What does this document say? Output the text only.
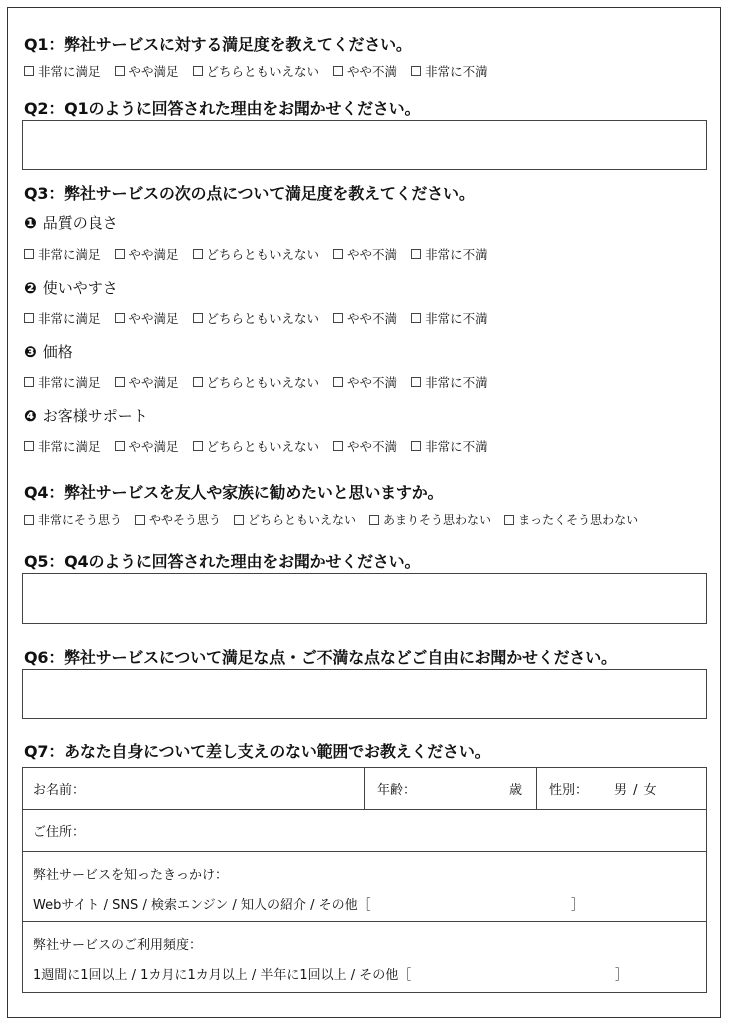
Q1：弊社サービスに対する満足度を教えてください。
非常に満足 やや満足 どちらともいえない やや不満 非常に不満
Q2：Q1のように回答された理由をお聞かせください。
Q3：弊社サービスの次の点について満足度を教えてください。
❶ 品質の良さ
非常に満足 やや満足 どちらともいえない やや不満 非常に不満
❷ 使いやすさ
非常に満足 やや満足 どちらともいえない やや不満 非常に不満
❸ 価格
非常に満足 やや満足 どちらともいえない やや不満 非常に不満
❹ お客様サポート
非常に満足 やや満足 どちらともいえない やや不満 非常に不満
Q4：弊社サービスを友人や家族に勧めたいと思いますか。
非常にそう思う ややそう思う どちらともいえない あまりそう思わない まったくそう思わない
Q5：Q4のように回答された理由をお聞かせください。
Q6：弊社サービスについて満足な点・ご不満な点などご自由にお聞かせください。
Q7：あなた自身について差し支えのない範囲でお教えください。
お名前：	年齢：	歳 性別： 男 / 女
ご住所：
弊社サービスを知ったきっかけ：
Webサイト / SNS / 検索エンジン / 知人の紹介 / その他［	］
弊社サービスのご利用頻度：
1週間に1回以上 / 1カ月に1カ月以上 / 半年に1回以上 / その他［	］
